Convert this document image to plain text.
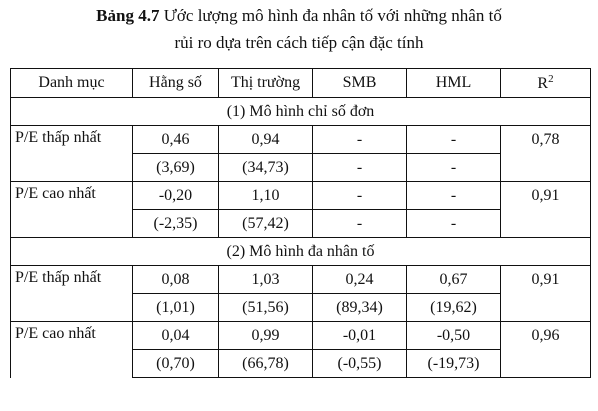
Bảng 4.7 Ước lượng mô hình đa nhân tố với những nhân tố
rủi ro dựa trên cách tiếp cận đặc tính
Danh mục	Hằng số	Thị trường	SMB	HML	$R^2$
(1) Mô hình chỉ số đơn					
P/E thấp nhất	0,46	0,94	-	-	0,78
	(3,69)	(34,73)	-	-	
P/E cao nhất	-0,20	1,10	-	-	0,91
	(-2,35)	(57,42)	-	-	
(2) Mô hình đa nhân tố					
P/E thấp nhất	0,08	1,03	0,24	0,67	0,91
	(1,01)	(51,56)	(89,34)	(19,62)	
P/E cao nhất	0,04	0,99	-0,01	-0,50	0,96
	(0,70)	(66,78)	(-0,55)	(-19,73)	
